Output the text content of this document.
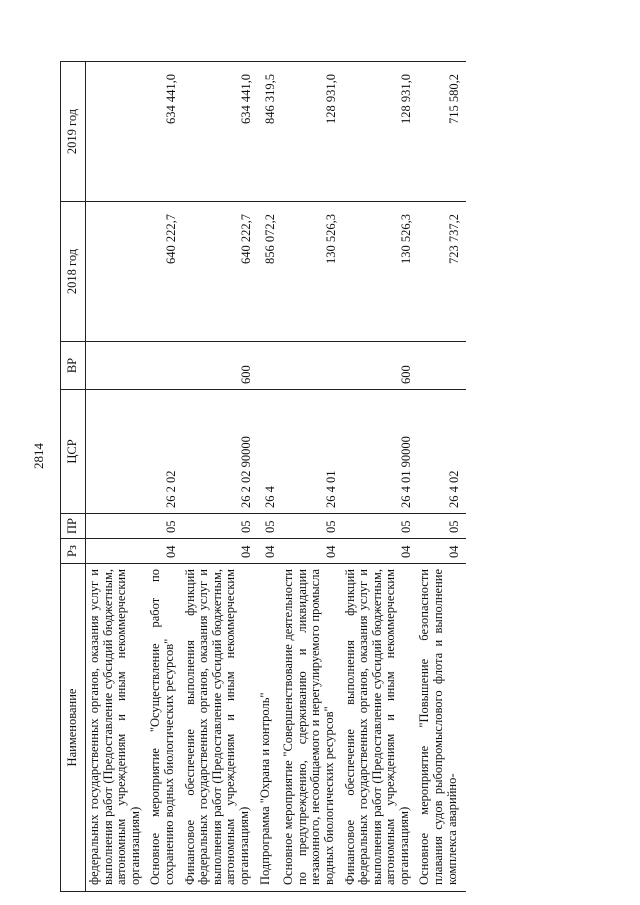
2814
Наименование	Рз	ПР	ЦСР	ВР	2018 год	2019 год
федеральных государственных органов, оказания услуг и выполнения работ (Предоставление субсидий бюджетным, автономным учреждениям и иным некоммерческим организациям)						
Основное мероприятие "Осуществление работ по сохранению водных биологических ресурсов"	04	05	26 2 02		640 222,7	634 441,0
Финансовое обеспечение выполнения функций федеральных государственных органов, оказания услуг и выполнения работ (Предоставление субсидий бюджетным, автономным учреждениям и иным некоммерческим организациям)	04	05	26 2 02 90000	600	640 222,7	634 441,0
Подпрограмма "Охрана и контроль"	04	05	26 4		856 072,2	846 319,5
Основное мероприятие "Совершенствование деятельности по предупреждению, сдерживанию и ликвидации незаконного, несообщаемого и нерегулируемого промысла водных биологических ресурсов"	04	05	26 4 01		130 526,3	128 931,0
Финансовое обеспечение выполнения функций федеральных государственных органов, оказания услуг и выполнения работ (Предоставление субсидий бюджетным, автономным учреждениям и иным некоммерческим организациям)	04	05	26 4 01 90000	600	130 526,3	128 931,0
Основное мероприятие "Повышение безопасности плавания судов рыбопромыслового флота и выполнение комплекса аварийно-	04	05	26 4 02		723 737,2	715 580,2
